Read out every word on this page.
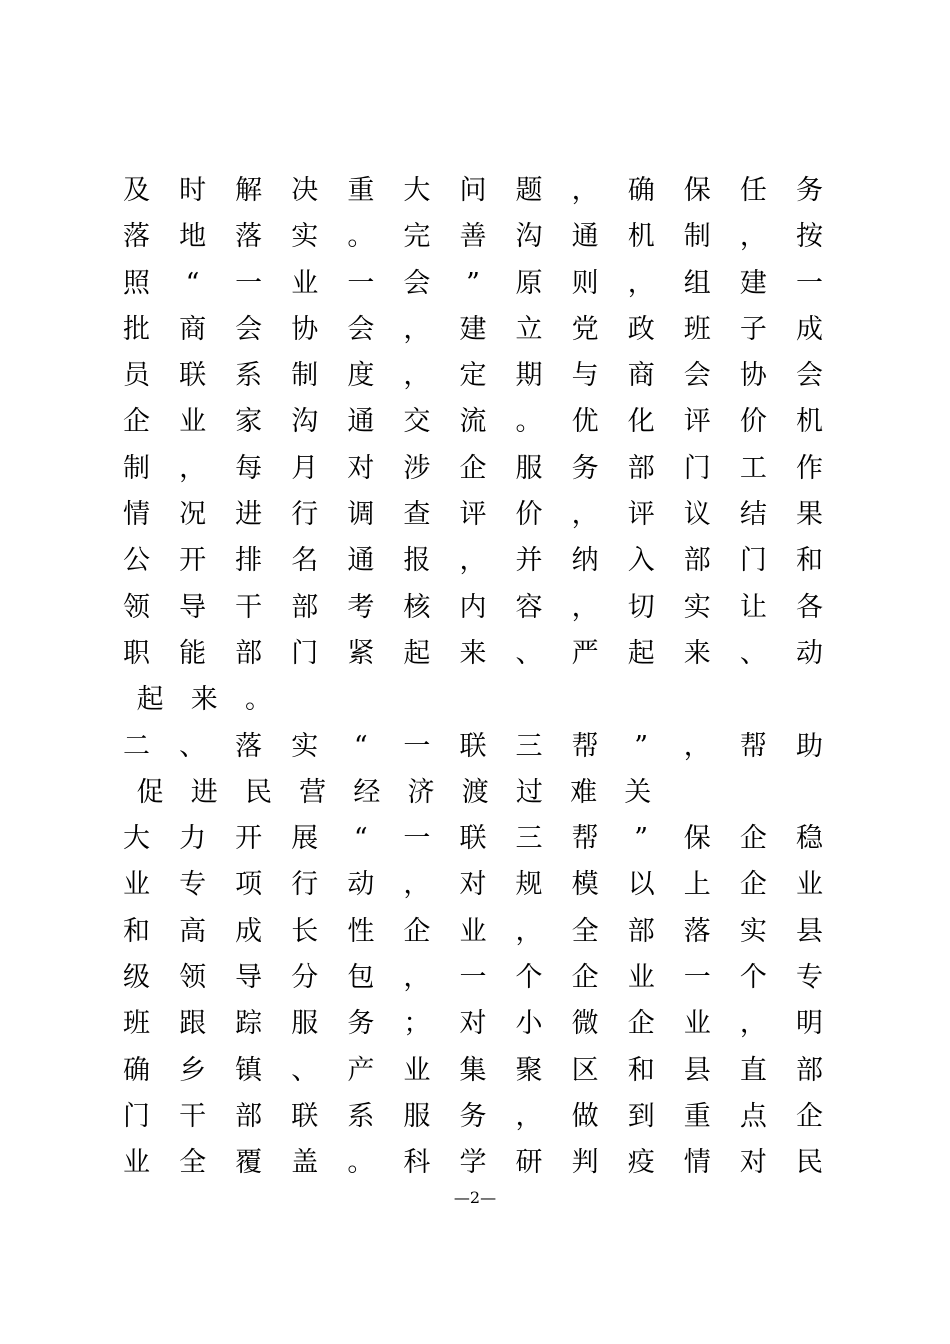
及 时 解 决 重 大 问 题 ， 确 保 任 务
落 地 落 实 。 完 善 沟 通 机 制 ， 按
照 “ 一 业 一 会 ” 原 则 ， 组 建 一
批 商 会 协 会 ， 建 立 党 政 班 子 成
员 联 系 制 度 ， 定 期 与 商 会 协 会
企 业 家 沟 通 交 流 。 优 化 评 价 机
制 ， 每 月 对 涉 企 服 务 部 门 工 作
情 况 进 行 调 查 评 价 ， 评 议 结 果
公 开 排 名 通 报 ， 并 纳 入 部 门 和
领 导 干 部 考 核 内 容 ， 切 实 让 各
职 能 部 门 紧 起 来 、 严 起 来 、 动
起	来	。
二 、 落 实 “ 一 联 三 帮 ” ， 帮 助
促	进	民	营	经	济	渡	过	难	关
大 力 开 展 “ 一 联 三 帮 ” 保 企 稳
业 专 项 行 动 ， 对 规 模 以 上 企 业
和 高 成 长 性 企 业 ， 全 部 落 实 县
级 领 导 分 包 ， 一 个 企 业 一 个 专
班 跟 踪 服 务 ； 对 小 微 企 业 ， 明
确 乡 镇 、 产 业 集 聚 区 和 县 直 部
门 干 部 联 系 服 务 ， 做 到 重 点 企
业 全 覆 盖 。 科 学 研 判 疫 情 对 民
—2—
